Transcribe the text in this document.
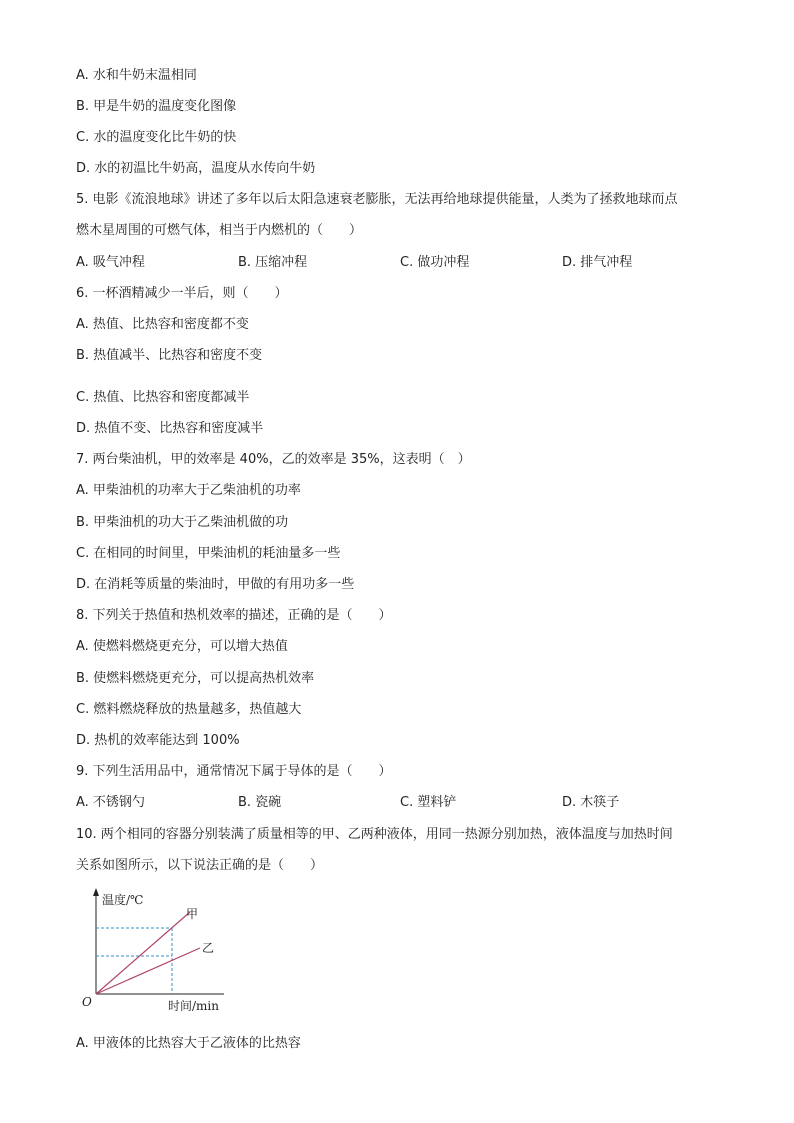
A. 水和牛奶末温相同
B. 甲是牛奶的温度变化图像
C. 水的温度变化比牛奶的快
D. 水的初温比牛奶高，温度从水传向牛奶
5. 电影《流浪地球》讲述了多年以后太阳急速衰老膨胀，无法再给地球提供能量，人类为了拯救地球而点
燃木星周围的可燃气体，相当于内燃机的（　　）
A. 吸气冲程	B. 压缩冲程	C. 做功冲程	D. 排气冲程
6. 一杯酒精减少一半后，则（　　）
A. 热值、比热容和密度都不变
B. 热值减半、比热容和密度不变
C. 热值、比热容和密度都减半
D. 热值不变、比热容和密度减半
7. 两台柴油机，甲的效率是 40%，乙的效率是 35%，这表明（　）
A. 甲柴油机的功率大于乙柴油机的功率
B. 甲柴油机的功大于乙柴油机做的功
C. 在相同的时间里，甲柴油机的耗油量多一些
D. 在消耗等质量的柴油时，甲做的有用功多一些
8. 下列关于热值和热机效率的描述，正确的是（　　）
A. 使燃料燃烧更充分，可以增大热值
B. 使燃料燃烧更充分，可以提高热机效率
C. 燃料燃烧释放的热量越多，热值越大
D. 热机的效率能达到 100%
9. 下列生活用品中，通常情况下属于导体的是（　　）
A. 不锈钢勺	B. 瓷碗	C. 塑料铲	D. 木筷子
10. 两个相同的容器分别装满了质量相等的甲、乙两种液体，用同一热源分别加热，液体温度与加热时间
关系如图所示，以下说法正确的是（　　）
温度/℃
时间/min
O
甲
乙
A. 甲液体的比热容大于乙液体的比热容
